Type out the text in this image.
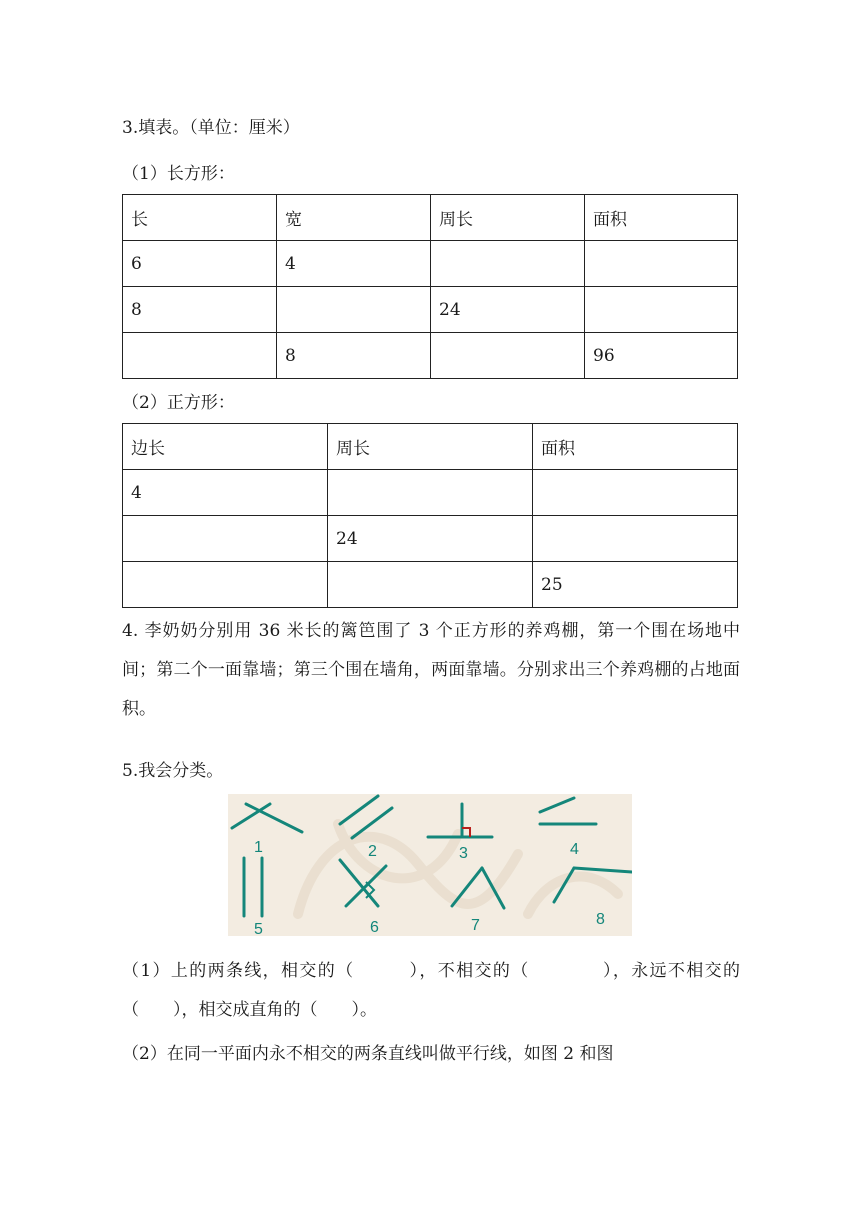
3.填表。（单位：厘米）
（1）长方形：
长	宽	周长	面积
6	4		
8		24	
	8		96
（2）正方形：
边长	周长	面积
4		
	24	
		25
4. 李奶奶分别用 36 米长的篱笆围了 3 个正方形的养鸡棚，第一个围在场地中间；第二个一面靠墙；第三个围在墙角，两面靠墙。分别求出三个养鸡棚的占地面积。
5.我会分类。
1	2	3	4
5	6	7	8
（1）上的两条线，相交的（　　　），不相交的（　　　　），永远不相交的（　　），相交成直角的（　　）。
（2）在同一平面内永不相交的两条直线叫做平行线，如图 2 和图
